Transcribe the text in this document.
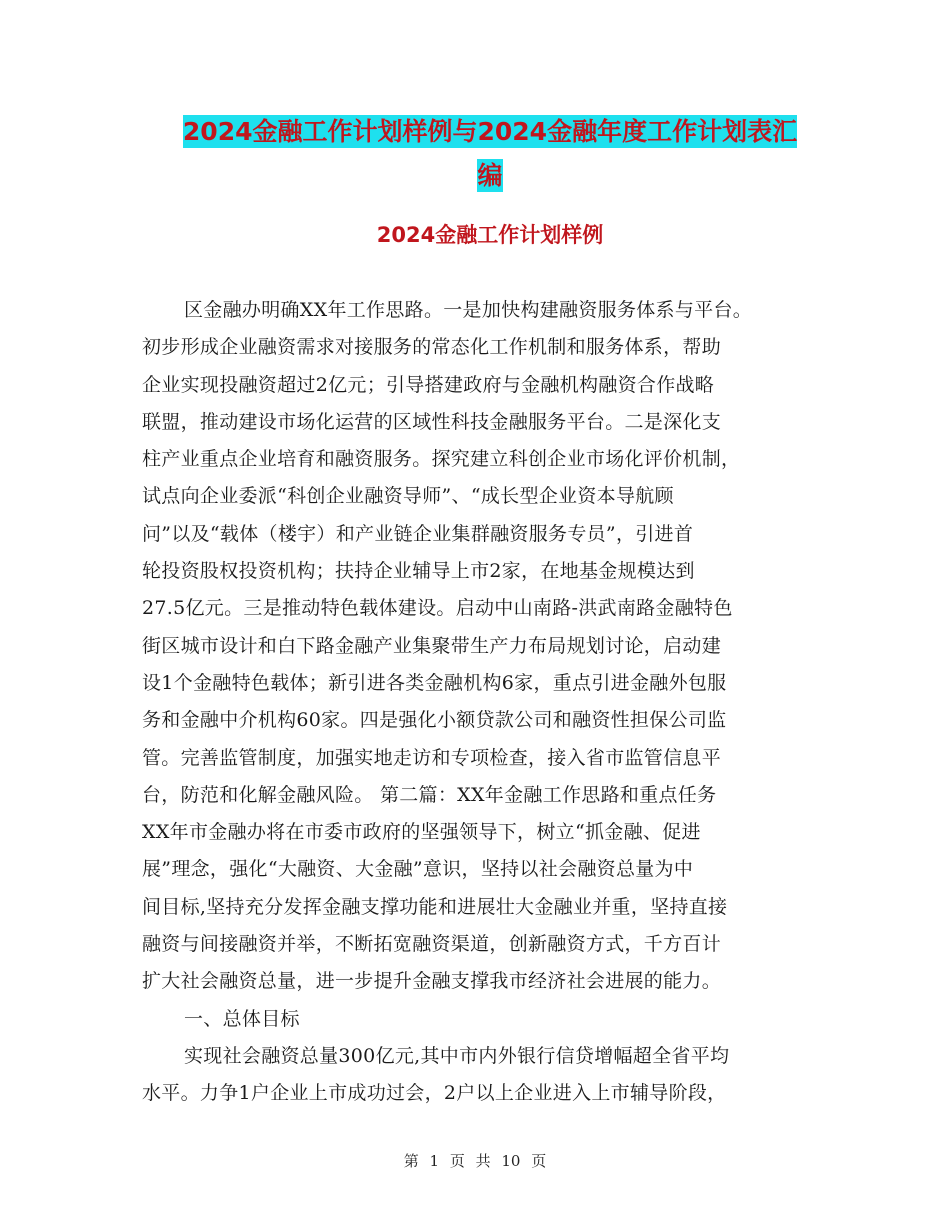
2024金融工作计划样例与2024金融年度工作计划表汇
编
2024金融工作计划样例
区金融办明确XX年工作思路。一是加快构建融资服务体系与平台。
初步形成企业融资需求对接服务的常态化工作机制和服务体系，帮助
企业实现投融资超过2亿元；引导搭建政府与金融机构融资合作战略
联盟，推动建设市场化运营的区域性科技金融服务平台。二是深化支
柱产业重点企业培育和融资服务。探究建立科创企业市场化评价机制，
试点向企业委派“科创企业融资导师”、“成长型企业资本导航顾
问”以及“载体（楼宇）和产业链企业集群融资服务专员”，引进首
轮投资股权投资机构；扶持企业辅导上市2家，在地基金规模达到
27.5亿元。三是推动特色载体建设。启动中山南路-洪武南路金融特色
街区城市设计和白下路金融产业集聚带生产力布局规划讨论，启动建
设1个金融特色载体；新引进各类金融机构6家，重点引进金融外包服
务和金融中介机构60家。四是强化小额贷款公司和融资性担保公司监
管。完善监管制度，加强实地走访和专项检查，接入省市监管信息平
台，防范和化解金融风险。 第二篇：XX年金融工作思路和重点任务
XX年市金融办将在市委市政府的坚强领导下，树立“抓金融、促进
展”理念，强化“大融资、大金融”意识，坚持以社会融资总量为中
间目标,坚持充分发挥金融支撑功能和进展壮大金融业并重，坚持直接
融资与间接融资并举，不断拓宽融资渠道，创新融资方式，千方百计
扩大社会融资总量，进一步提升金融支撑我市经济社会进展的能力。
一、总体目标
实现社会融资总量300亿元,其中市内外银行信贷增幅超全省平均
水平。力争1户企业上市成功过会，2户以上企业进入上市辅导阶段，
第 1 页 共 10 页
